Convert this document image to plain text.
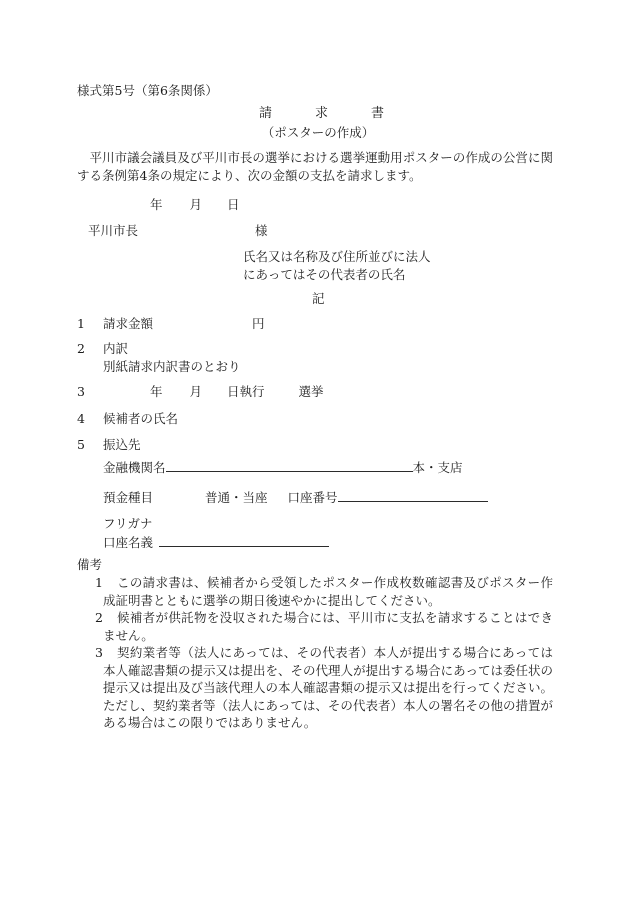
様式第5号（第6条関係）
請　　　求　　　書
（ポスターの作成）
　平川市議会議員及び平川市長の選挙における選挙運動用ポスターの作成の公営に関する条例第4条の規定により、次の金額の支払を請求します。
年 月 日
平川市長	様
氏名又は名称及び住所並びに法人
にあってはその代表者の氏名
記
1 請求金額	円
2 内訳
別紙請求内訳書のとおり
3	年 月 日執行	選挙
4 候補者の氏名
5 振込先
金融機関名	本・支店
預金種目	普通・当座 口座番号
フリガナ
口座名義
備考
1	この請求書は、候補者から受領したポスター作成枚数確認書及びポスター作成証明書とともに選挙の期日後速やかに提出してください。
2	候補者が供託物を没収された場合には、平川市に支払を請求することはできません。
3	契約業者等（法人にあっては、その代表者）本人が提出する場合にあっては本人確認書類の提示又は提出を、その代理人が提出する場合にあっては委任状の提示又は提出及び当該代理人の本人確認書類の提示又は提出を行ってください。ただし、契約業者等（法人にあっては、その代表者）本人の署名その他の措置がある場合はこの限りではありません。
